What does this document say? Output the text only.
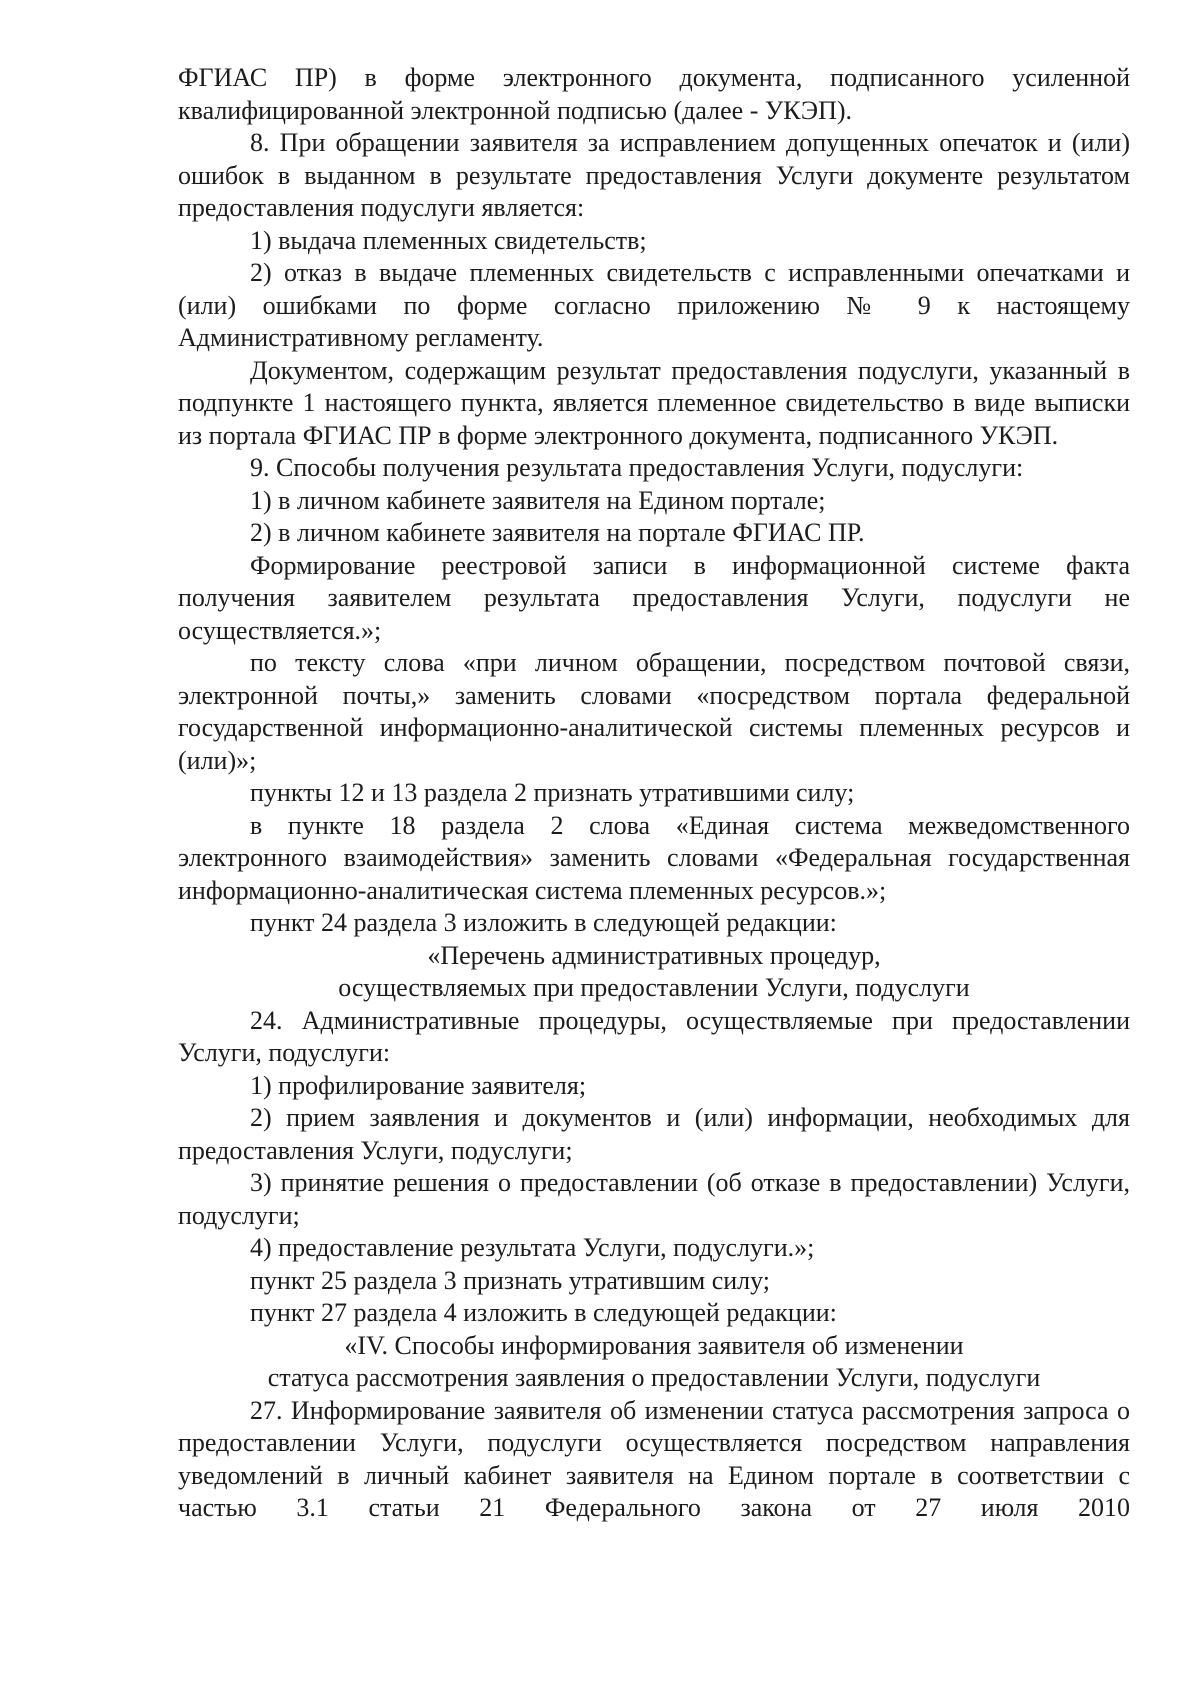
ФГИАС ПР) в форме электронного документа, подписанного усиленной квалифицированной электронной подписью (далее - УКЭП).

8. При обращении заявителя за исправлением допущенных опечаток и (или) ошибок в выданном в результате предоставления Услуги документе результатом предоставления подуслуги является:

1) выдача племенных свидетельств;

2) отказ в выдаче племенных свидетельств с исправленными опечатками и (или) ошибками по форме согласно приложению № 9 к настоящему Административному регламенту.

Документом, содержащим результат предоставления подуслуги, указанный в подпункте 1 настоящего пункта, является племенное свидетельство в виде выписки из портала ФГИАС ПР в форме электронного документа, подписанного УКЭП.

9. Способы получения результата предоставления Услуги, подуслуги:

1) в личном кабинете заявителя на Едином портале;

2) в личном кабинете заявителя на портале ФГИАС ПР.

Формирование реестровой записи в информационной системе факта получения заявителем результата предоставления Услуги, подуслуги не осуществляется.»;

по тексту слова «при личном обращении, посредством почтовой связи, электронной почты,» заменить словами «посредством портала федеральной государственной информационно-аналитической системы племенных ресурсов и (или)»;

пункты 12 и 13 раздела 2 признать утратившими силу;

в пункте 18 раздела 2 слова «Единая система межведомственного электронного взаимодействия» заменить словами «Федеральная государственная информационно-аналитическая система племенных ресурсов.»;

пункт 24 раздела 3 изложить в следующей редакции:

«Перечень административных процедур,

осуществляемых при предоставлении Услуги, подуслуги

24. Административные процедуры, осуществляемые при предоставлении Услуги, подуслуги:

1) профилирование заявителя;

2) прием заявления и документов и (или) информации, необходимых для предоставления Услуги, подуслуги;

3) принятие решения о предоставлении (об отказе в предоставлении) Услуги, подуслуги;

4) предоставление результата Услуги, подуслуги.»;

пункт 25 раздела 3 признать утратившим силу;

пункт 27 раздела 4 изложить в следующей редакции:

«IV. Способы информирования заявителя об изменении

статуса рассмотрения заявления о предоставлении Услуги, подуслуги

27. Информирование заявителя об изменении статуса рассмотрения запроса о предоставлении Услуги, подуслуги осуществляется посредством направления уведомлений в личный кабинет заявителя на Едином портале в соответствии с частью 3.1 статьи 21 Федерального закона от 27 июля 2010
